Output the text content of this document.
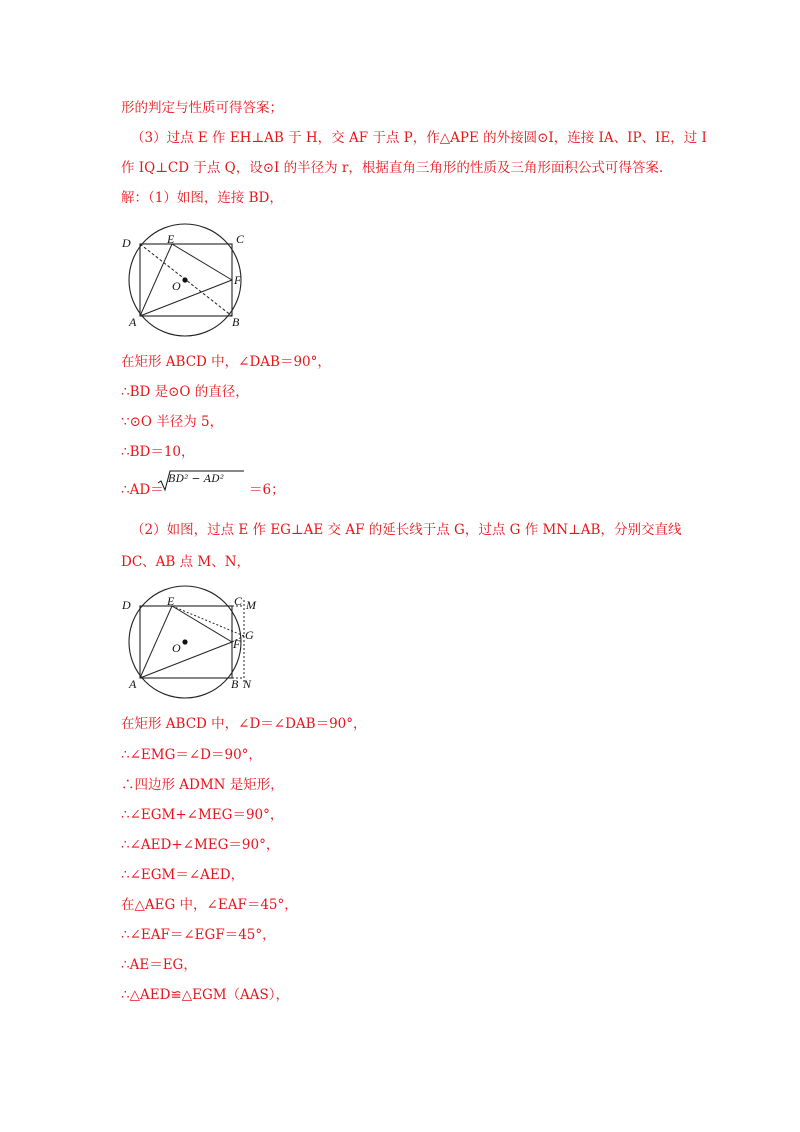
形的判定与性质可得答案；
（3）过点 E 作 EH⊥AB 于 H，交 AF 于点 P，作△APE 的外接圆⊙I，连接 IA、IP、IE，过 I
作 IQ⊥CD 于点 Q，设⊙I 的半径为 r，根据直角三角形的性质及三角形面积公式可得答案.
解：（1）如图，连接 BD，
D	E	C
O	F
A	B
在矩形 ABCD 中，∠DAB＝90°，
∴BD 是⊙O 的直径，
∵⊙O 半径为 5，
∴BD＝10，
∴AD＝
BD² − AD²
＝6；
（2）如图，过点 E 作 EG⊥AE 交 AF 的延长线于点 G，过点 G 作 MN⊥AB，分别交直线
DC、AB 点 M、N，
D	E	C M
G
O	F
A	B N
在矩形 ABCD 中，∠D＝∠DAB＝90°，
∴∠EMG＝∠D＝90°，
∴四边形 ADMN 是矩形，
∴∠EGM+∠MEG＝90°，
∴∠AED+∠MEG＝90°，
∴∠EGM＝∠AED，
在△AEG 中，∠EAF＝45°，
∴∠EAF＝∠EGF＝45°，
∴AE＝EG，
∴△AED≌△EGM（AAS），
